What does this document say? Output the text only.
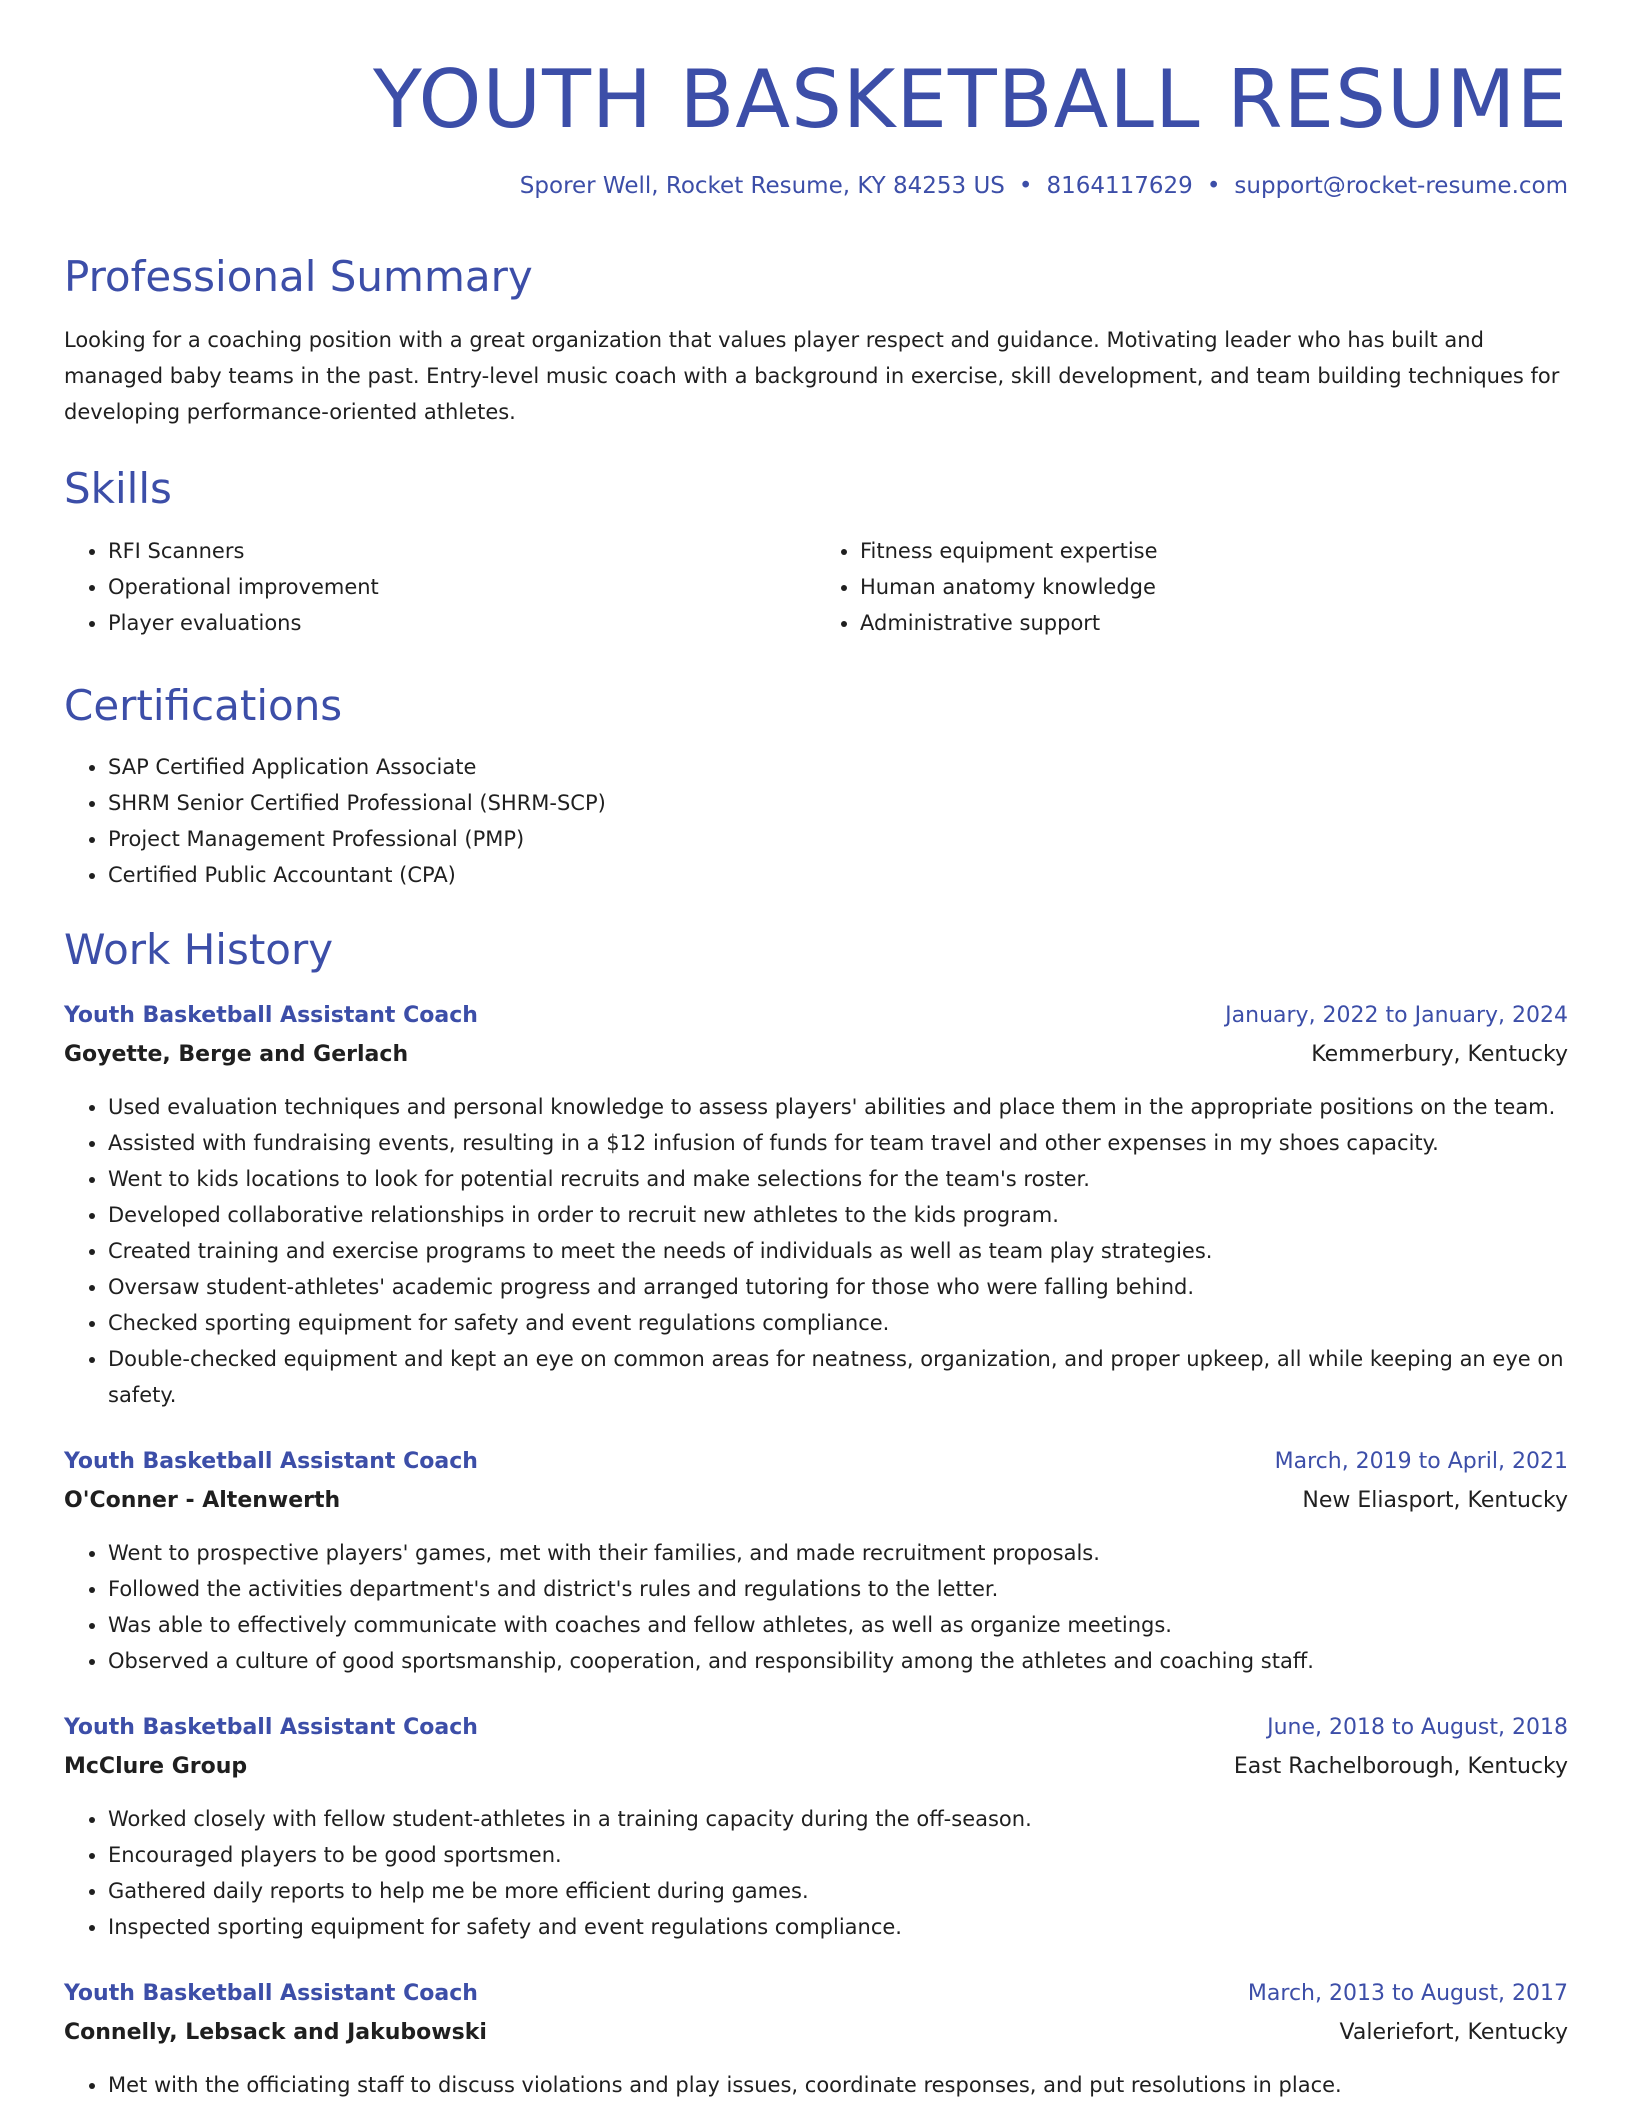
YOUTH BASKETBALL RESUME
Sporer Well, Rocket Resume, KY 84253 US • 8164117629 • support@rocket-resume.com
Professional Summary

Looking for a coaching position with a great organization that values player respect and guidance. Motivating leader who has built and managed baby teams in the past. Entry-level music coach with a background in exercise, skill development, and team building techniques for developing performance-oriented athletes.

Skills
• RFI Scanners
• Operational improvement
• Player evaluations
• Fitness equipment expertise
• Human anatomy knowledge
• Administrative support
Certifications
• SAP Certified Application Associate
• SHRM Senior Certified Professional (SHRM-SCP)
• Project Management Professional (PMP)
• Certified Public Accountant (CPA)
Work History
Youth Basketball Assistant Coach	January, 2022 to January, 2024
Goyette, Berge and Gerlach	Kemmerbury, Kentucky
• Used evaluation techniques and personal knowledge to assess players' abilities and place them in the appropriate positions on the team.
• Assisted with fundraising events, resulting in a $12 infusion of funds for team travel and other expenses in my shoes capacity.
• Went to kids locations to look for potential recruits and make selections for the team's roster.
• Developed collaborative relationships in order to recruit new athletes to the kids program.
• Created training and exercise programs to meet the needs of individuals as well as team play strategies.
• Oversaw student-athletes' academic progress and arranged tutoring for those who were falling behind.
• Checked sporting equipment for safety and event regulations compliance.
• Double-checked equipment and kept an eye on common areas for neatness, organization, and proper upkeep, all while keeping an eye on safety.
Youth Basketball Assistant Coach	March, 2019 to April, 2021
O'Conner - Altenwerth	New Eliasport, Kentucky
• Went to prospective players' games, met with their families, and made recruitment proposals.
• Followed the activities department's and district's rules and regulations to the letter.
• Was able to effectively communicate with coaches and fellow athletes, as well as organize meetings.
• Observed a culture of good sportsmanship, cooperation, and responsibility among the athletes and coaching staff.
Youth Basketball Assistant Coach	June, 2018 to August, 2018
McClure Group	East Rachelborough, Kentucky
• Worked closely with fellow student-athletes in a training capacity during the off-season.
• Encouraged players to be good sportsmen.
• Gathered daily reports to help me be more efficient during games.
• Inspected sporting equipment for safety and event regulations compliance.
Youth Basketball Assistant Coach	March, 2013 to August, 2017
Connelly, Lebsack and Jakubowski	Valeriefort, Kentucky
• Met with the officiating staff to discuss violations and play issues, coordinate responses, and put resolutions in place.
